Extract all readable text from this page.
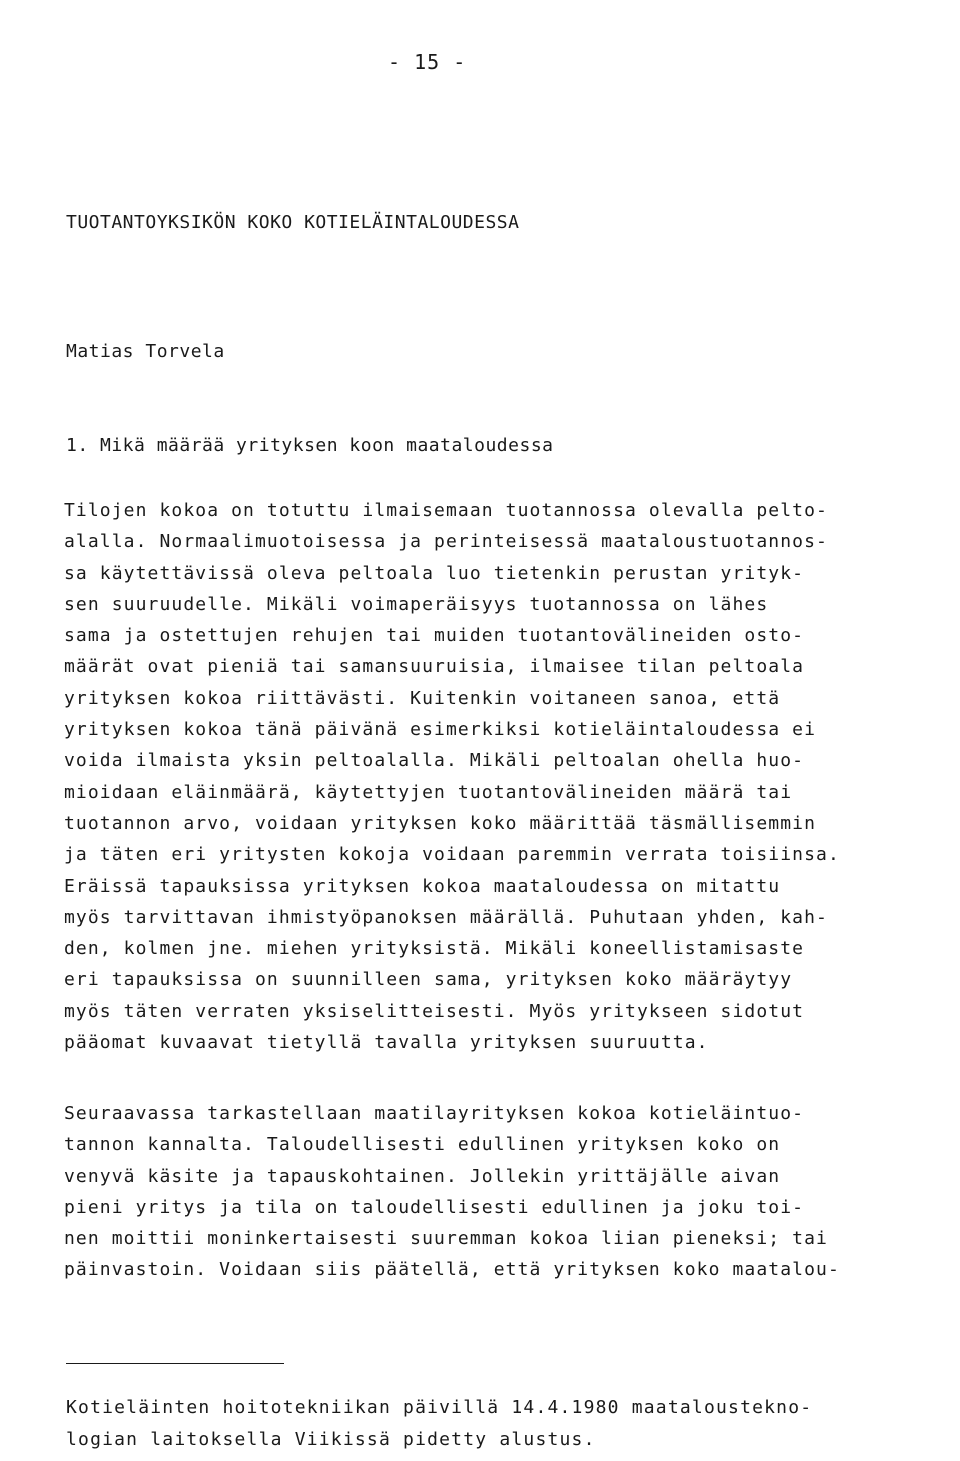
- 15 -
TUOTANTOYKSIKÖN KOKO KOTIELÄINTALOUDESSA
Matias Torvela
1. Mikä määrää yrityksen koon maataloudessa
Tilojen kokoa on totuttu ilmaisemaan tuotannossa olevalla pelto-
alalla. Normaalimuotoisessa ja perinteisessä maataloustuotannos-
sa käytettävissä oleva peltoala luo tietenkin perustan yrityk-
sen suuruudelle. Mikäli voimaperäisyys tuotannossa on lähes
sama ja ostettujen rehujen tai muiden tuotantovälineiden osto-
määrät ovat pieniä tai samansuuruisia, ilmaisee tilan peltoala
yrityksen kokoa riittävästi. Kuitenkin voitaneen sanoa, että
yrityksen kokoa tänä päivänä esimerkiksi kotieläintaloudessa ei
voida ilmaista yksin peltoalalla. Mikäli peltoalan ohella huo-
mioidaan eläinmäärä, käytettyjen tuotantovälineiden määrä tai
tuotannon arvo, voidaan yrityksen koko määrittää täsmällisemmin
ja täten eri yritysten kokoja voidaan paremmin verrata toisiinsa.
Eräissä tapauksissa yrityksen kokoa maataloudessa on mitattu
myös tarvittavan ihmistyöpanoksen määrällä. Puhutaan yhden, kah-
den, kolmen jne. miehen yrityksistä. Mikäli koneellistamisaste
eri tapauksissa on suunnilleen sama, yrityksen koko määräytyy
myös täten verraten yksiselitteisesti. Myös yritykseen sidotut
pääomat kuvaavat tietyllä tavalla yrityksen suuruutta.
Seuraavassa tarkastellaan maatilayrityksen kokoa kotieläintuo-
tannon kannalta. Taloudellisesti edullinen yrityksen koko on
venyvä käsite ja tapauskohtainen. Jollekin yrittäjälle aivan
pieni yritys ja tila on taloudellisesti edullinen ja joku toi-
nen moittii moninkertaisesti suuremman kokoa liian pieneksi; tai
päinvastoin. Voidaan siis päätellä, että yrityksen koko maatalou-
Kotieläinten hoitotekniikan päivillä 14.4.1980 maatalousteknо-
logian laitoksella Viikissä pidetty alustus.
